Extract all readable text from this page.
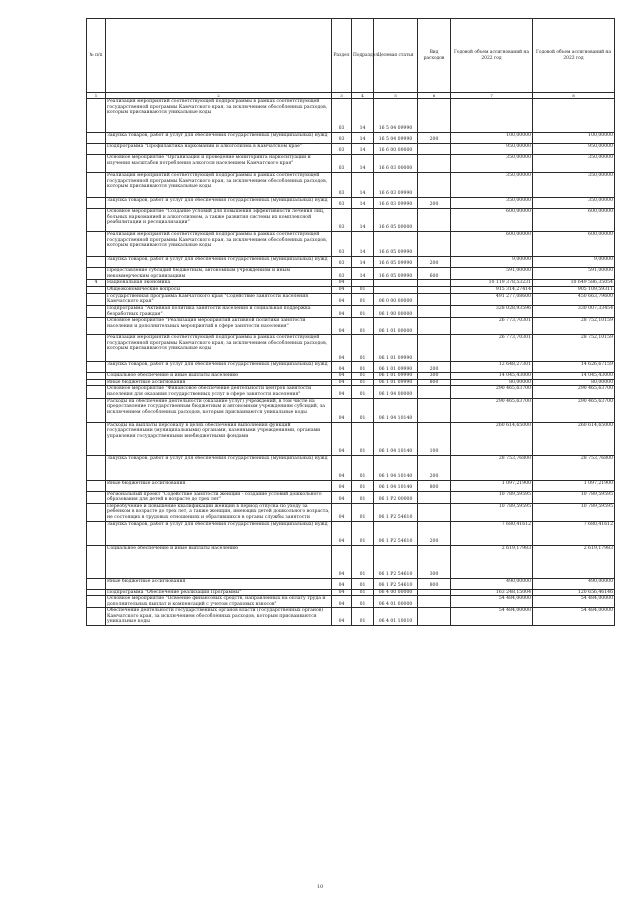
№ п/п		Раздел	Подраздел	Целевая статья	Вид расходов	Годовой объем ассигнований на 2022 год	Годовой объем ассигнований на 2023 год
1	2	3	4	5	6	7	8
	Реализация мероприятий соответствующей подпрограммы в рамках соответствующей государственной программы Камчатского края, за исключением обособленных расходов, которым присваиваются уникальные коды	03	14	16 5 04 09990			
	Закупка товаров, работ и услуг для обеспечения государственных (муниципальных) нужд	03	14	16 5 04 09990	200	100,00000	100,00000
	Подпрограмма "Профилактика наркомании и алкоголизма в Камчатском крае"	03	14	16 6 00 00000		950,00000	950,00000
	Основное мероприятие "Организация и проведение мониторинга наркоситуации и изучения масштабов потребления алкоголя населением Камчатского края"	03	14	16 6 03 00000		350,00000	350,00000
	Реализация мероприятий соответствующей подпрограммы в рамках соответствующей государственной программы Камчатского края, за исключением обособленных расходов, которым присваиваются уникальные коды	03	14	16 6 03 09990		350,00000	350,00000
	Закупка товаров, работ и услуг для обеспечения государственных (муниципальных) нужд	03	14	16 6 03 09990	200	350,00000	350,00000
	Основное мероприятие "Создание условий для повышения эффективности лечения лиц, больных наркоманией и алкоголизмом, а также развития системы их комплексной реабилитации и ресоциализации"	03	14	16 6 05 00000		600,00000	600,00000
	Реализация мероприятий соответствующей подпрограммы в рамках соответствующей государственной программы Камчатского края, за исключением обособленных расходов, которым присваиваются уникальные коды	03	14	16 6 05 09990		600,00000	600,00000
	Закупка товаров, работ и услуг для обеспечения государственных (муниципальных) нужд	03	14	16 6 05 09990	200	9,00000	9,00000
	Предоставление субсидий бюджетным, автономным учреждениям и иным некоммерческим организациям	03	14	16 6 05 09990	600	591,00000	591,00000
4	Национальная экономика	04				10 119 378,53231	10 649 586,35054
	Общеэкономические вопросы	04	01			915 314,27414	905 109,59311
	Государственная программа Камчатского края "Содействие занятости населения Камчатского края"	04	01	06 0 00 00000		491 277,08600	450 663,79600
	Подпрограмма "Активная политика занятости населения и социальная поддержка безработных граждан"	04	01	06 1 00 00000		328 028,93596	330 007,33454
	Основное мероприятие "Реализация мероприятий активной политики занятости населения и дополнительных мероприятий в сфере занятости населения"	04	01	06 1 01 00000		26 773,70301	28 752,10159
	Реализация мероприятий соответствующей подпрограммы в рамках соответствующей государственной программы Камчатского края, за исключением обособленных расходов, которым присваиваются уникальные коды	04	01	06 1 01 09990		26 773,70301	28 752,10159
	Закупка товаров, работ и услуг для обеспечения государственных (муниципальных) нужд	04	01	06 1 01 09990	200	12 648,27301	14 626,67159
	Социальное обеспечение и иные выплаты населению	04	01	06 1 01 09990	300	14 045,43000	14 045,43000
	Иные бюджетные ассигнования	04	01	06 1 01 09990	800	80,00000	80,00000
	Основное мероприятие "Финансовое обеспечение деятельности центров занятости населения для оказания государственных услуг в сфере занятости населения"	04	01	06 1 04 00000		290 465,63700	290 465,63700
	Расходы на обеспечение деятельности (оказание услуг) учреждений, в том числе на предоставление государственным бюджетным и автономным учреждениям субсидий, за исключением обособленных расходов, которым присваиваются уникальные коды	04	01	06 1 04 10140		290 465,63700	290 465,63700
	Расходы на выплаты персоналу в целях обеспечения выполнения функций государственными (муниципальными) органами, казенными учреждениями, органами управления государственными внебюджетными фондами	04	01	06 1 04 10140	100	260 614,65000	260 614,65000
	Закупка товаров, работ и услуг для обеспечения государственных (муниципальных) нужд	04	01	06 1 04 10140	200	28 753,76800	28 753,76800
	Иные бюджетные ассигнования	04	01	06 1 04 10140	800	1 097,21900	1 097,21900
	Региональный проект "Содействие занятости женщин - создание условий дошкольного образования для детей в возрасте до трех лет"	04	01	06 1 P2 00000		10 789,59595	10 789,59595
	Переобучение и повышение квалификации женщин в период отпуска по уходу за ребенком в возрасте до трех лет, а также женщин, имеющих детей дошкольного возраста, не состоящих в трудовых отношениях и обратившихся в органы службы занятости	04	01	06 1 P2 54610		10 789,59595	10 789,59595
	Закупка товаров, работ и услуг для обеспечения государственных (муниципальных) нужд	04	01	06 1 P2 54610	200	7 680,41612	7 680,41612
	Социальное обеспечение и иные выплаты населению	04	01	06 1 P2 54610	300	2 619,17983	2 619,17983
	Иные бюджетные ассигнования	04	01	06 1 P2 54610	800	490,00000	490,00000
	Подпрограмма "Обеспечение реализации Программы"	04	01	06 4 00 00000		163 248,15004	120 656,46146
	Основное мероприятие "Освоение финансовых средств, направленных на оплату труда и дополнительных выплат и компенсаций с учетом страховых взносов"	04	01	06 4 01 00000		54 484,00000	54 484,00000
	Обеспечение деятельности государственных органов власти (государственных органов) Камчатского края, за исключением обособленных расходов, которым присваиваются уникальные коды	04	01	06 4 01 10010		54 484,00000	54 484,00000
10
